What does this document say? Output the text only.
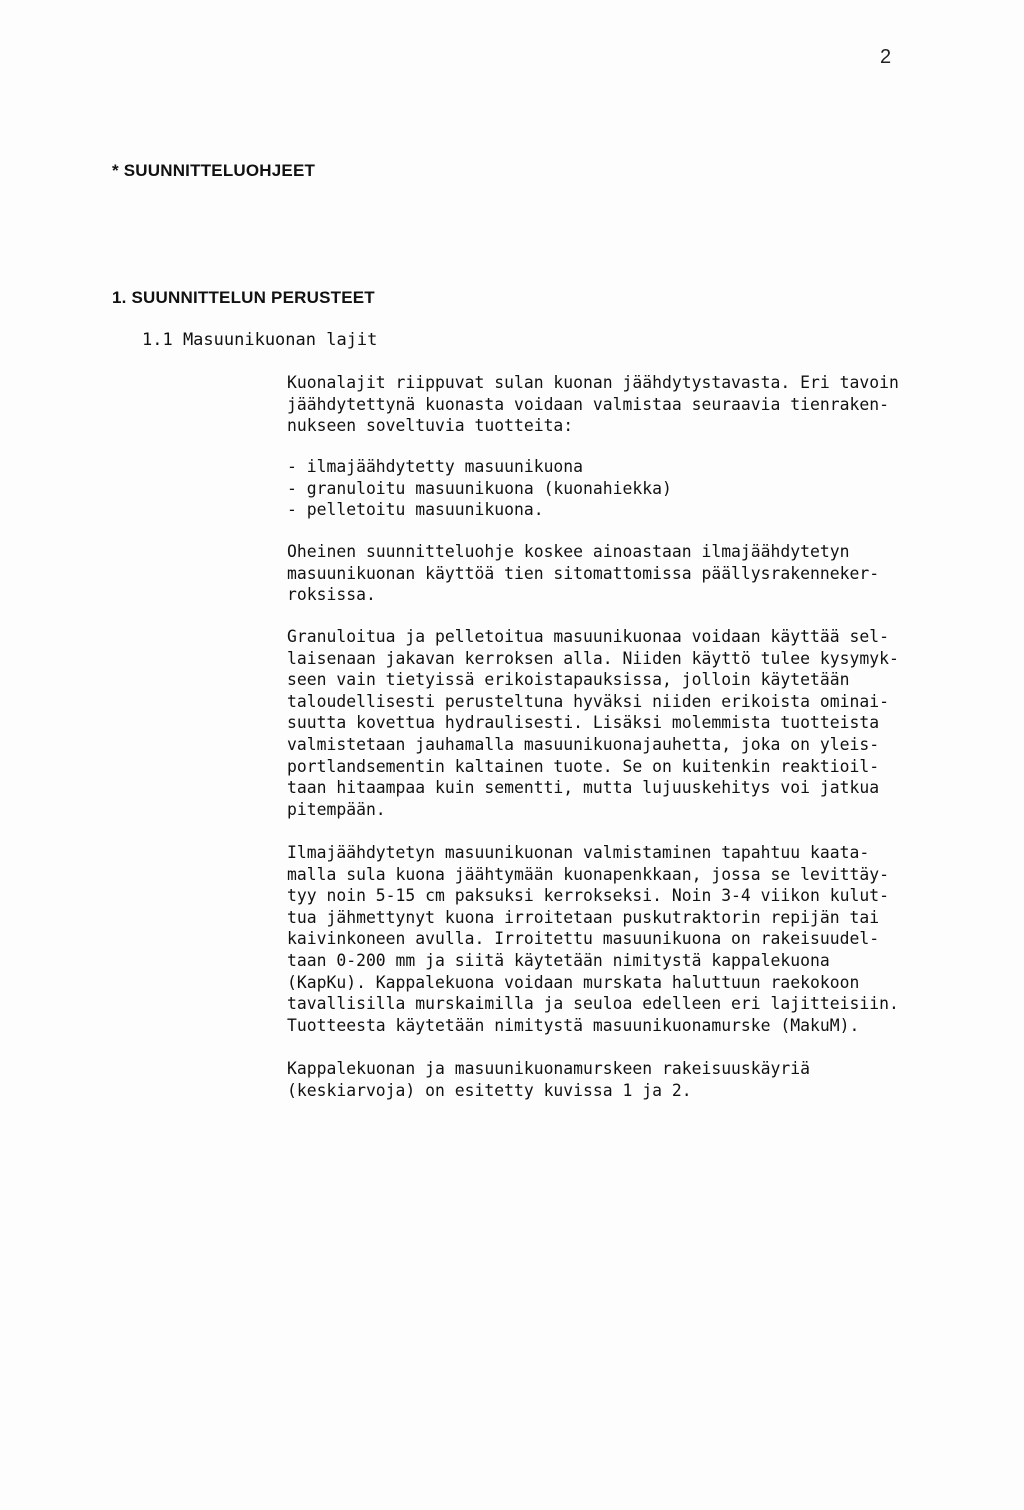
2
* SUUNNITTELUOHJEET
1. SUUNNITTELUN PERUSTEET
1.1 Masuunikuonan lajit
Kuonalajit riippuvat sulan kuonan jäähdytystavasta. Eri tavoin
jäähdytettynä kuonasta voidaan valmistaa seuraavia tienraken-
nukseen soveltuvia tuotteita:
- ilmajäähdytetty masuunikuona
- granuloitu masuunikuona (kuonahiekka)
- pelletoitu masuunikuona.
Oheinen suunnitteluohje koskee ainoastaan ilmajäähdytetyn
masuunikuonan käyttöä tien sitomattomissa päällysrakenneker-
roksissa.
Granuloitua ja pelletoitua masuunikuonaa voidaan käyttää sel-
laisenaan jakavan kerroksen alla. Niiden käyttö tulee kysymyk-
seen vain tietyissä erikoistapauksissa, jolloin käytetään
taloudellisesti perusteltuna hyväksi niiden erikoista ominai-
suutta kovettua hydraulisesti. Lisäksi molemmista tuotteista
valmistetaan jauhamalla masuunikuonajauhetta, joka on yleis-
portlandsementin kaltainen tuote. Se on kuitenkin reaktioil-
taan hitaampaa kuin sementti, mutta lujuuskehitys voi jatkua
pitempään.
Ilmajäähdytetyn masuunikuonan valmistaminen tapahtuu kaata-
malla sula kuona jäähtymään kuonapenkkaan, jossa se levittäy-
tyy noin 5-15 cm paksuksi kerrokseksi. Noin 3-4 viikon kulut-
tua jähmettynyt kuona irroitetaan puskutraktorin repijän tai
kaivinkoneen avulla. Irroitettu masuunikuona on rakeisuudel-
taan 0-200 mm ja siitä käytetään nimitystä kappalekuona
(KapKu). Kappalekuona voidaan murskata haluttuun raekokoon
tavallisilla murskaimilla ja seuloa edelleen eri lajitteisiin.
Tuotteesta käytetään nimitystä masuunikuonamurske (MakuM).
Kappalekuonan ja masuunikuonamurskeen rakeisuuskäyriä
(keskiarvoja) on esitetty kuvissa 1 ja 2.
